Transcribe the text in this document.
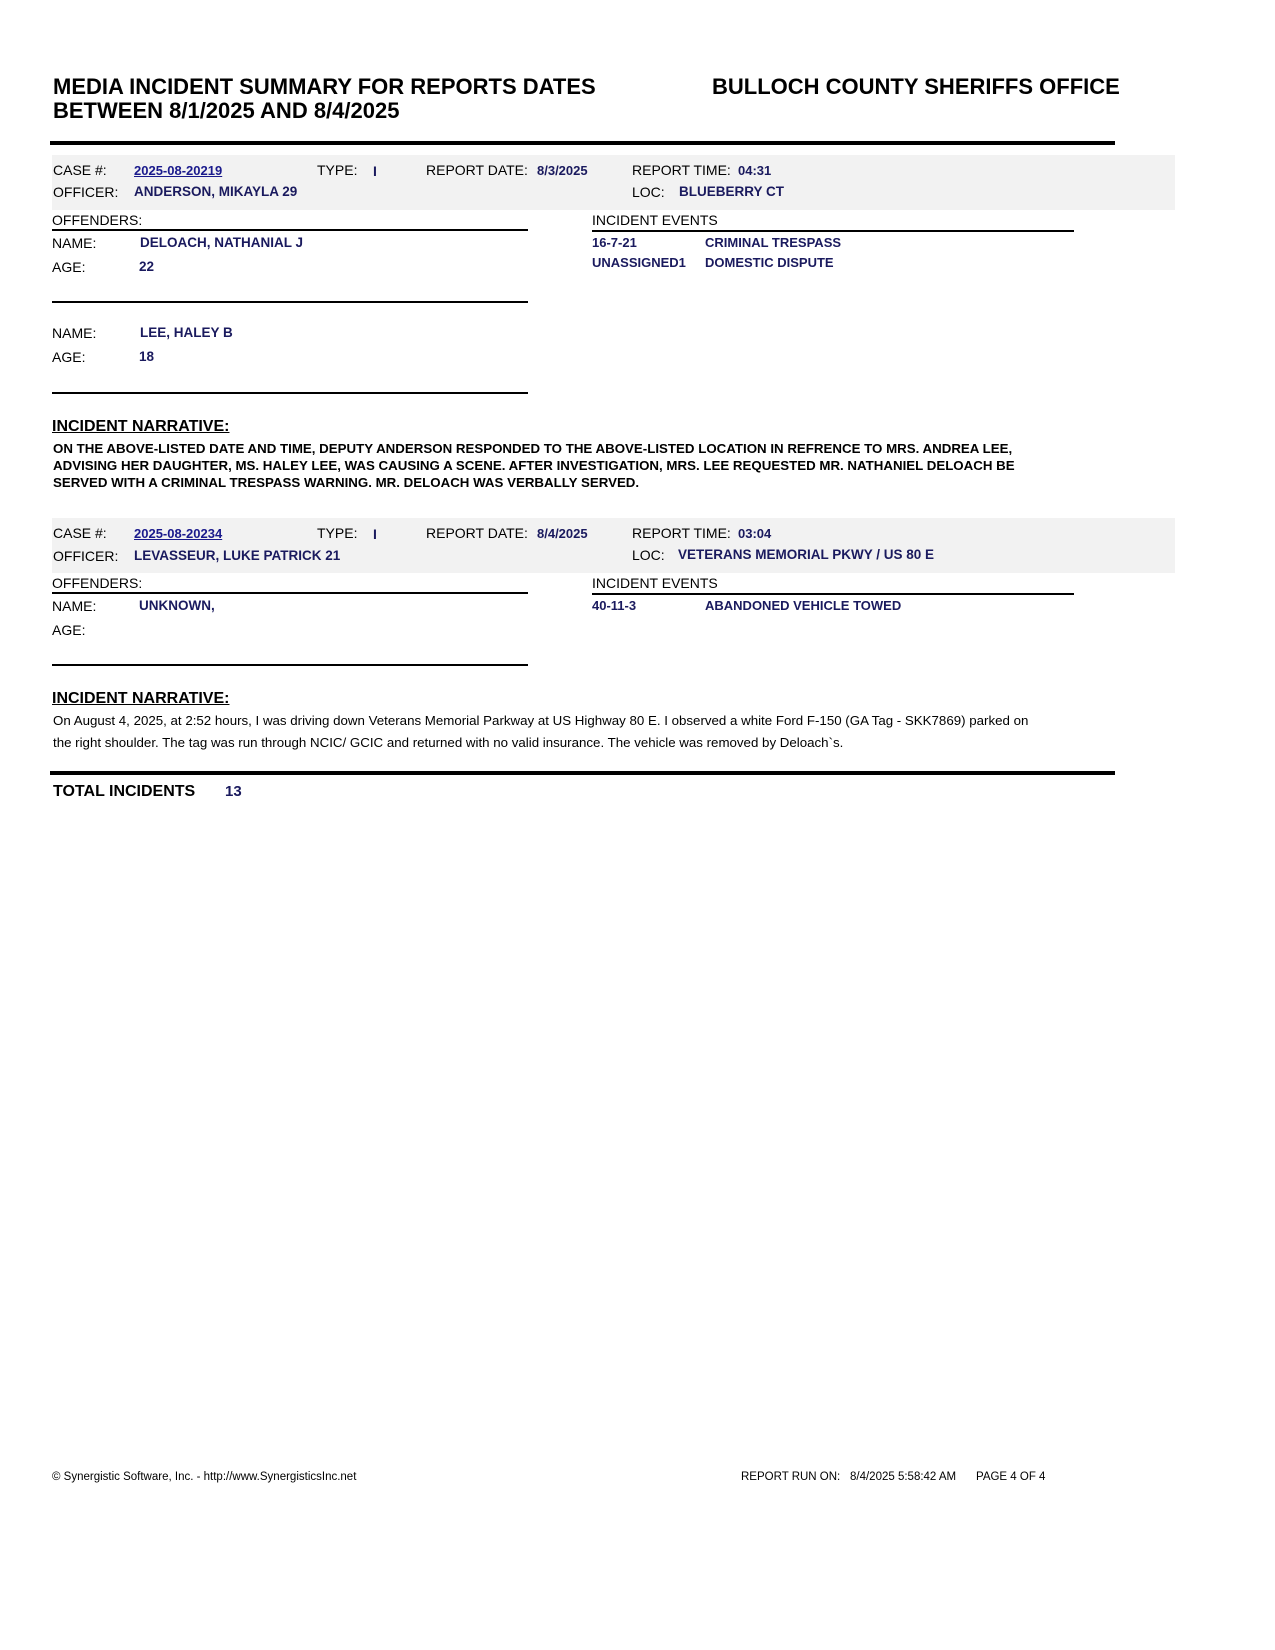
MEDIA INCIDENT SUMMARY FOR REPORTS DATES
BETWEEN 8/1/2025 AND 8/4/2025
BULLOCH COUNTY SHERIFFS OFFICE
CASE #: 2025-08-20219	TYPE: I	REPORT DATE: 8/3/2025	REPORT TIME: 04:31
OFFICER: ANDERSON, MIKAYLA 29	LOC: BLUEBERRY CT
OFFENDERS:	INCIDENT EVENTS
NAME:	DELOACH, NATHANIAL J
AGE:	22
NAME:	LEE, HALEY B
AGE:	18
16-7-21	CRIMINAL TRESPASS
UNASSIGNED1 DOMESTIC DISPUTE
INCIDENT NARRATIVE:
ON THE ABOVE-LISTED DATE AND TIME, DEPUTY ANDERSON RESPONDED TO THE ABOVE-LISTED LOCATION IN REFRENCE TO MRS. ANDREA LEE,
ADVISING HER DAUGHTER, MS. HALEY LEE, WAS CAUSING A SCENE. AFTER INVESTIGATION, MRS. LEE REQUESTED MR. NATHANIEL DELOACH BE
SERVED WITH A CRIMINAL TRESPASS WARNING. MR. DELOACH WAS VERBALLY SERVED.
CASE #: 2025-08-20234	TYPE: I	REPORT DATE: 8/4/2025	REPORT TIME: 03:04
OFFICER: LEVASSEUR, LUKE PATRICK 21	LOC: VETERANS MEMORIAL PKWY / US 80 E
OFFENDERS:	INCIDENT EVENTS
NAME:	UNKNOWN,
AGE:
40-11-3	ABANDONED VEHICLE TOWED
INCIDENT NARRATIVE:
On August 4, 2025, at 2:52 hours, I was driving down Veterans Memorial Parkway at US Highway 80 E. I observed a white Ford F-150 (GA Tag - SKK7869) parked on
the right shoulder. The tag was run through NCIC/ GCIC and returned with no valid insurance. The vehicle was removed by Deloach`s.
TOTAL INCIDENTS 13
© Synergistic Software, Inc. - http://www.SynergisticsInc.net	REPORT RUN ON: 8/4/2025 5:58:42 AM PAGE 4 OF 4
